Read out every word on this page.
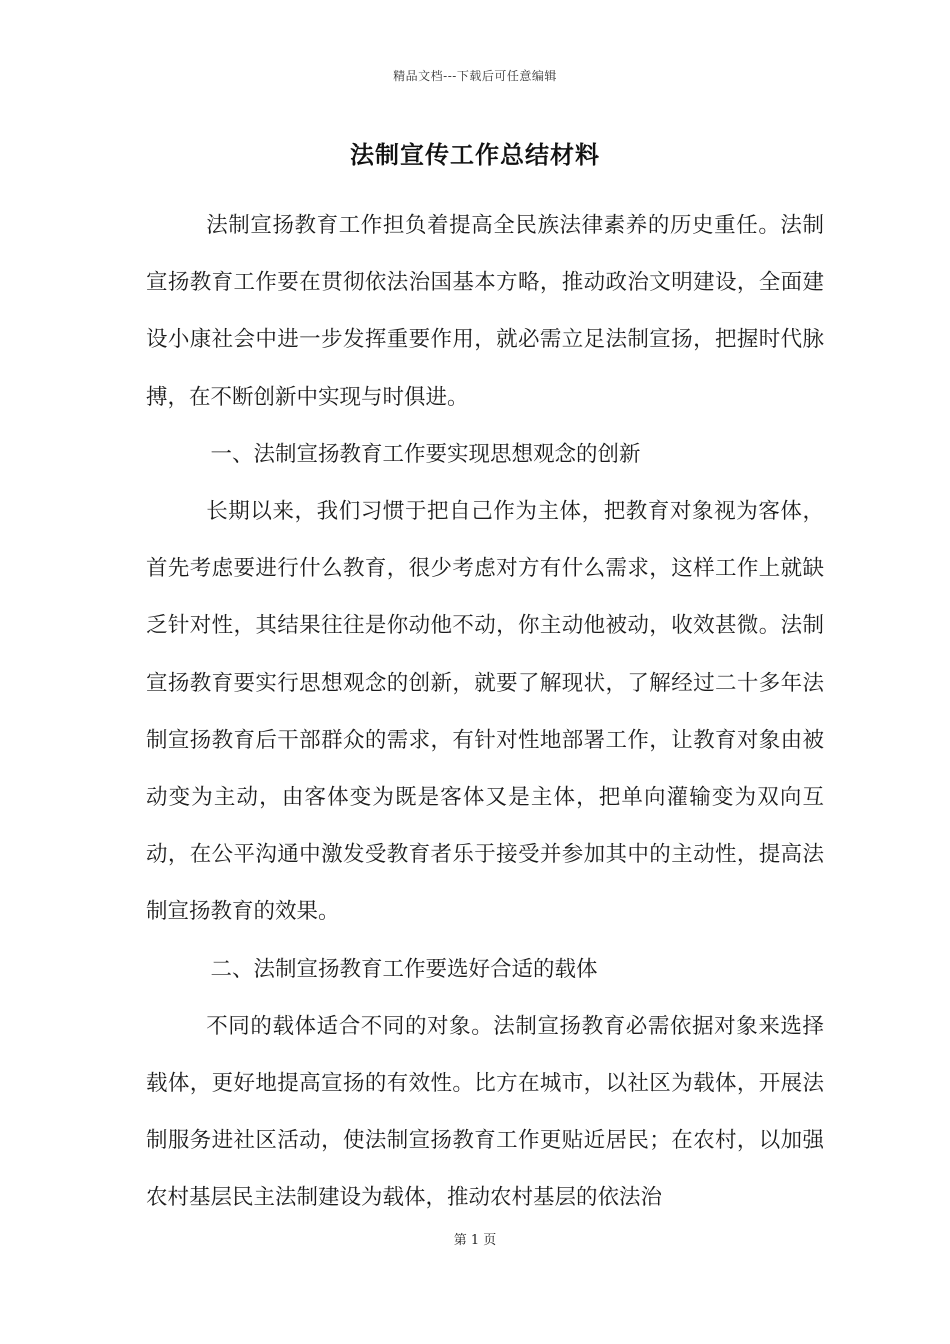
精品文档---下载后可任意编辑
法制宣传工作总结材料

法制宣扬教育工作担负着提高全民族法律素养的历史重任。法制宣扬教育工作要在贯彻依法治国基本方略，推动政治文明建设，全面建设小康社会中进一步发挥重要作用，就必需立足法制宣扬，把握时代脉搏，在不断创新中实现与时俱进。

一、法制宣扬教育工作要实现思想观念的创新

长期以来，我们习惯于把自己作为主体，把教育对象视为客体，首先考虑要进行什么教育，很少考虑对方有什么需求，这样工作上就缺乏针对性，其结果往往是你动他不动，你主动他被动，收效甚微。法制宣扬教育要实行思想观念的创新，就要了解现状，了解经过二十多年法制宣扬教育后干部群众的需求，有针对性地部署工作，让教育对象由被动变为主动，由客体变为既是客体又是主体，把单向灌输变为双向互动，在公平沟通中激发受教育者乐于接受并参加其中的主动性，提高法制宣扬教育的效果。

二、法制宣扬教育工作要选好合适的载体

不同的载体适合不同的对象。法制宣扬教育必需依据对象来选择载体，更好地提高宣扬的有效性。比方在城市，以社区为载体，开展法制服务进社区活动，使法制宣扬教育工作更贴近居民；在农村，以加强农村基层民主法制建设为载体，推动农村基层的依法治

第 1 页
